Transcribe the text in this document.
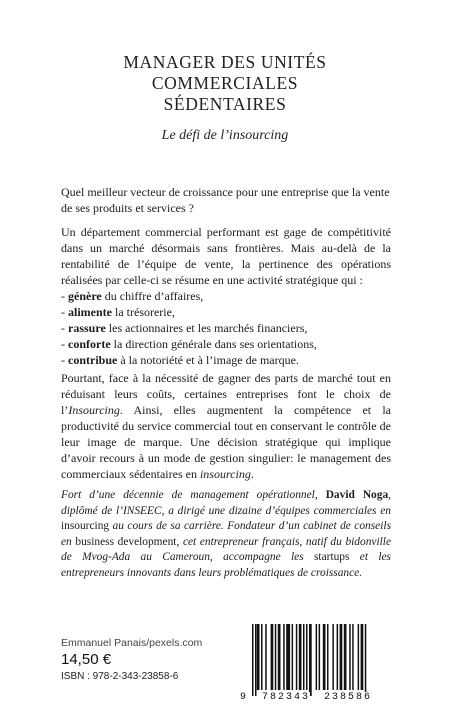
MANAGER DES UNITÉS
COMMERCIALES
SÉDENTAIRES
Le défi de l’insourcing

Quel meilleur vecteur de croissance pour une entreprise que la vente de ses produits et services ?

Un département commercial performant est gage de compétitivité dans un marché désormais sans frontières. Mais au-delà de la rentabilité de l’équipe de vente, la pertinence des opérations réalisées par celle-ci se résume en une activité stratégique qui :

- génère du chiffre d’affaires,
- alimente la trésorerie,
- rassure les actionnaires et les marchés financiers,
- conforte la direction générale dans ses orientations,
- contribue à la notoriété et à l’image de marque.

Pourtant, face à la nécessité de gagner des parts de marché tout en réduisant leurs coûts, certaines entreprises font le choix de l’Insourcing. Ainsi, elles augmentent la compétence et la productivité du service commercial tout en conservant le contrôle de leur image de marque. Une décision stratégique qui implique d’avoir recours à un mode de gestion singulier: le management des commerciaux sédentaires en insourcing.

Fort d’une décennie de management opérationnel, David Noga, diplômé de l’INSEEC, a dirigé une dizaine d’équipes commerciales en insourcing au cours de sa carrière. Fondateur d’un cabinet de conseils en business development, cet entrepreneur français, natif du bidonville de Mvog-Ada au Cameroun, accompagne les startups et les entrepreneurs innovants dans leurs problématiques de croissance.

Emmanuel Panais/pexels.com
14,50 €
ISBN : 978-2-343-23858-6
9 782343 238586
